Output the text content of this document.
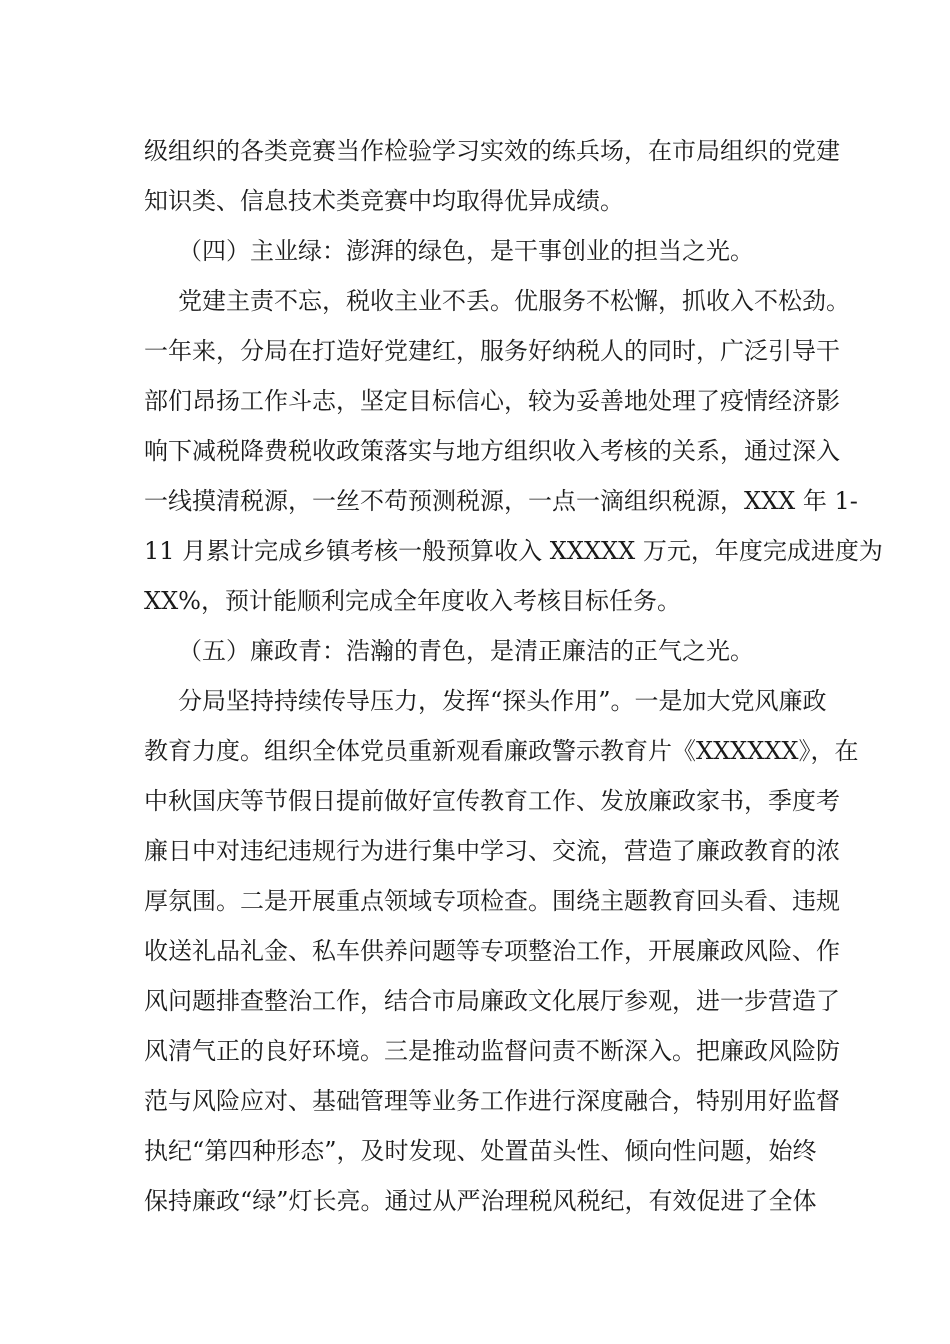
级组织的各类竞赛当作检验学习实效的练兵场，在市局组织的党建
知识类、信息技术类竞赛中均取得优异成绩。
（四）主业绿：澎湃的绿色，是干事创业的担当之光。
党建主责不忘，税收主业不丢。优服务不松懈，抓收入不松劲。
一年来，分局在打造好党建红，服务好纳税人的同时，广泛引导干
部们昂扬工作斗志，坚定目标信心，较为妥善地处理了疫情经济影
响下减税降费税收政策落实与地方组织收入考核的关系，通过深入
一线摸清税源，一丝不苟预测税源，一点一滴组织税源，XXX 年 1-
11 月累计完成乡镇考核一般预算收入 XXXXX 万元，年度完成进度为
XX%，预计能顺利完成全年度收入考核目标任务。
（五）廉政青：浩瀚的青色，是清正廉洁的正气之光。
分局坚持持续传导压力，发挥“探头作用”。一是加大党风廉政
教育力度。组织全体党员重新观看廉政警示教育片《XXXXXX》，在
中秋国庆等节假日提前做好宣传教育工作、发放廉政家书，季度考
廉日中对违纪违规行为进行集中学习、交流，营造了廉政教育的浓
厚氛围。二是开展重点领域专项检查。围绕主题教育回头看、违规
收送礼品礼金、私车供养问题等专项整治工作，开展廉政风险、作
风问题排查整治工作，结合市局廉政文化展厅参观，进一步营造了
风清气正的良好环境。三是推动监督问责不断深入。把廉政风险防
范与风险应对、基础管理等业务工作进行深度融合，特别用好监督
执纪“第四种形态”，及时发现、处置苗头性、倾向性问题，始终
保持廉政“绿”灯长亮。通过从严治理税风税纪，有效促进了全体
